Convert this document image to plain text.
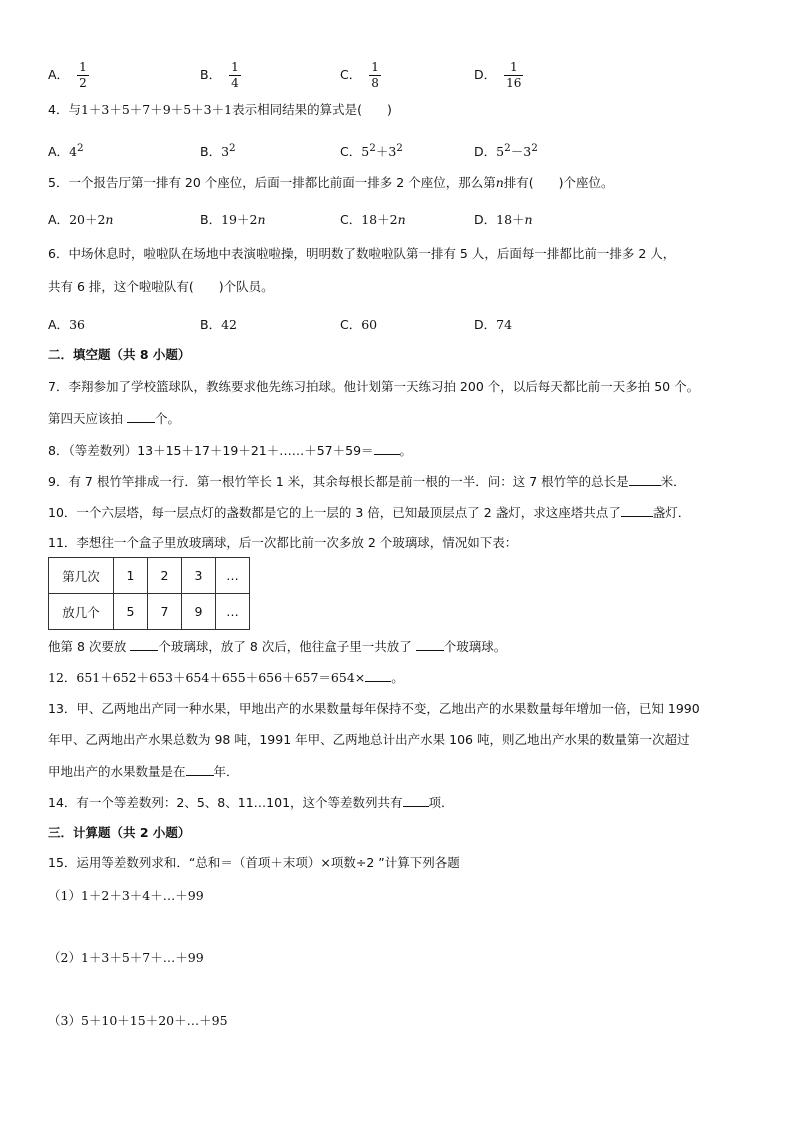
A． $\frac{1}{2}$	B． $\frac{1}{4}$	C． $\frac{1}{8}$	D． $\frac{1}{16}$
4．与1＋3＋5＋7＋9＋5＋3＋1表示相同结果的算式是(　　)
A．$4^2$	B．$3^2$	C．$5^2+3^2$	D．$5^2-3^2$
5．一个报告厅第一排有 20 个座位，后面一排都比前面一排多 2 个座位，那么第n排有(　　)个座位。
A．20＋2n	B．19＋2n	C．18＋2n	D．18＋n
6．中场休息时，啦啦队在场地中表演啦啦操，明明数了数啦啦队第一排有 5 人，后面每一排都比前一排多 2 人，
共有 6 排，这个啦啦队有(　　)个队员。
A．36	B．42	C．60	D．74
二．填空题（共 8 小题）
7．李翔参加了学校篮球队，教练要求他先练习拍球。他计划第一天练习拍 200 个，以后每天都比前一天多拍 50 个。
第四天应该拍 个。
8．（等差数列）13＋15＋17＋19＋21＋……＋57＋59＝ 。
9．有 7 根竹竿排成一行．第一根竹竿长 1 米，其余每根长都是前一根的一半．问：这 7 根竹竿的总长是	米．
10．一个六层塔，每一层点灯的盏数都是它的上一层的 3 倍，已知最顶层点了 2 盏灯，求这座塔共点了	盏灯．
11．李想往一个盒子里放玻璃球，后一次都比前一次多放 2 个玻璃球，情况如下表：
第几次	1	2	3	…
放几个	5	7	9	…
他第 8 次要放 个玻璃球，放了 8 次后，他往盒子里一共放了 个玻璃球。
12．651＋652＋653＋654＋655＋656＋657＝654× 。
13．甲、乙两地出产同一种水果，甲地出产的水果数量每年保持不变，乙地出产的水果数量每年增加一倍，已知 1990
年甲、乙两地出产水果总数为 98 吨，1991 年甲、乙两地总计出产水果 106 吨，则乙地出产水果的数量第一次超过
甲地出产的水果数量是在 年．
14．有一个等差数列：2、5、8、11…101，这个等差数列共有 项．
三．计算题（共 2 小题）
15．运用等差数列求和．“总和＝（首项＋末项）×项数÷2 ”计算下列各题
（1）1＋2＋3＋4＋…＋99
（2）1＋3＋5＋7＋…＋99
（3）5＋10＋15＋20＋…＋95
